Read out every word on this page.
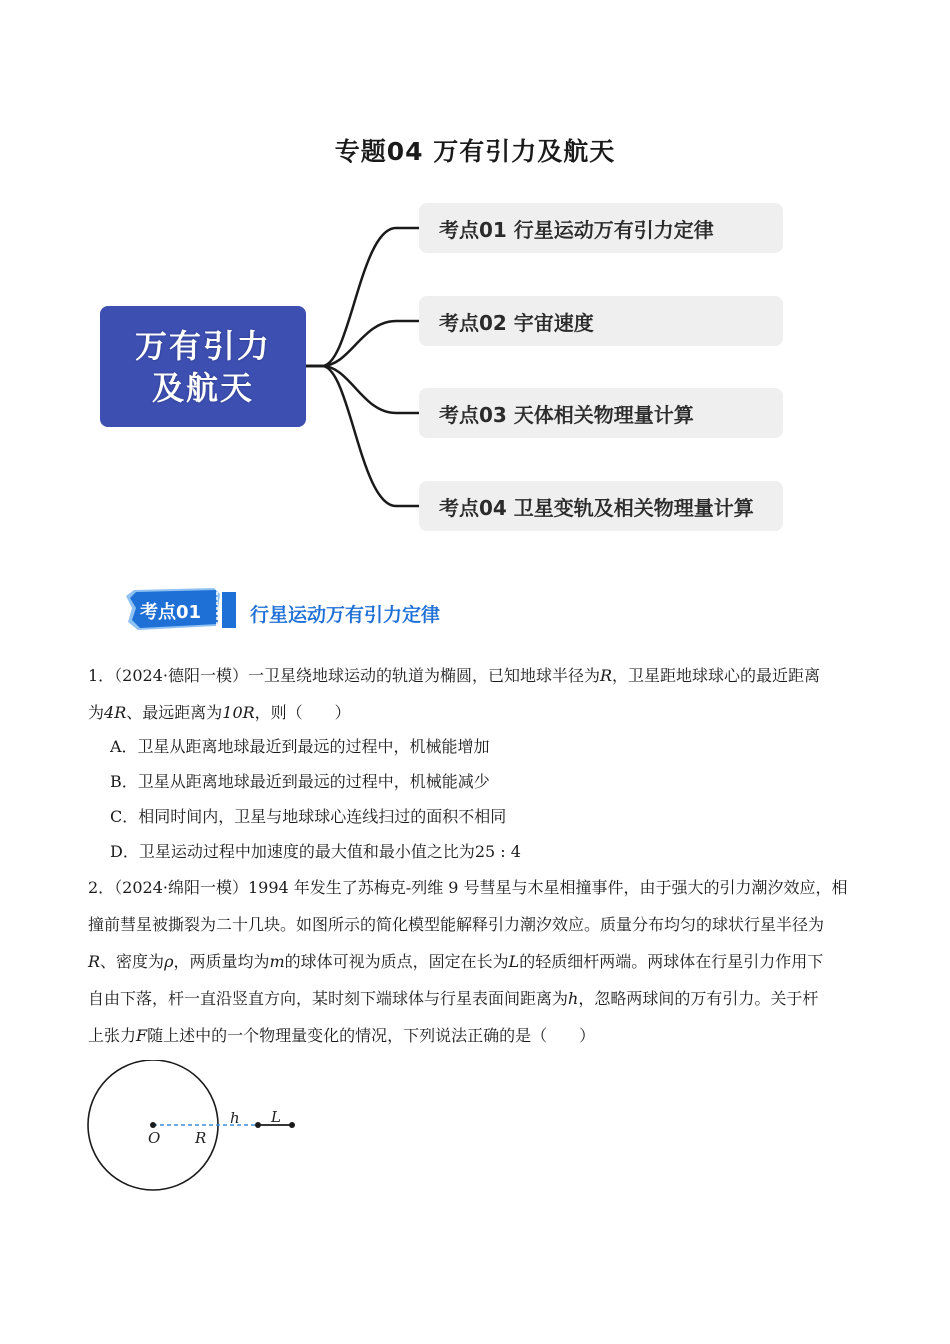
专题04 万有引力及航天
万有引力
及航天
考点01 行星运动万有引力定律
考点02 宇宙速度
考点03 天体相关物理量计算
考点04 卫星变轨及相关物理量计算
考点01	行星运动万有引力定律

1．（2024·德阳一模）一卫星绕地球运动的轨道为椭圆，已知地球半径为R，卫星距地球球心的最近距离

为4R、最远距离为10R，则（　　）

A．卫星从距离地球最近到最远的过程中，机械能增加
B．卫星从距离地球最近到最远的过程中，机械能减少
C．相同时间内，卫星与地球球心连线扫过的面积不相同
D．卫星运动过程中加速度的最大值和最小值之比为25 : 4

2．（2024·绵阳一模）1994 年发生了苏梅克-列维 9 号彗星与木星相撞事件，由于强大的引力潮汐效应，相

撞前彗星被撕裂为二十几块。如图所示的简化模型能解释引力潮汐效应。质量分布均匀的球状行星半径为

R、密度为ρ，两质量均为m的球体可视为质点，固定在长为L的轻质细杆两端。两球体在行星引力作用下

自由下落，杆一直沿竖直方向，某时刻下端球体与行星表面间距离为h，忽略两球间的万有引力。关于杆

上张力F随上述中的一个物理量变化的情况，下列说法正确的是（　　）

O R
h L
